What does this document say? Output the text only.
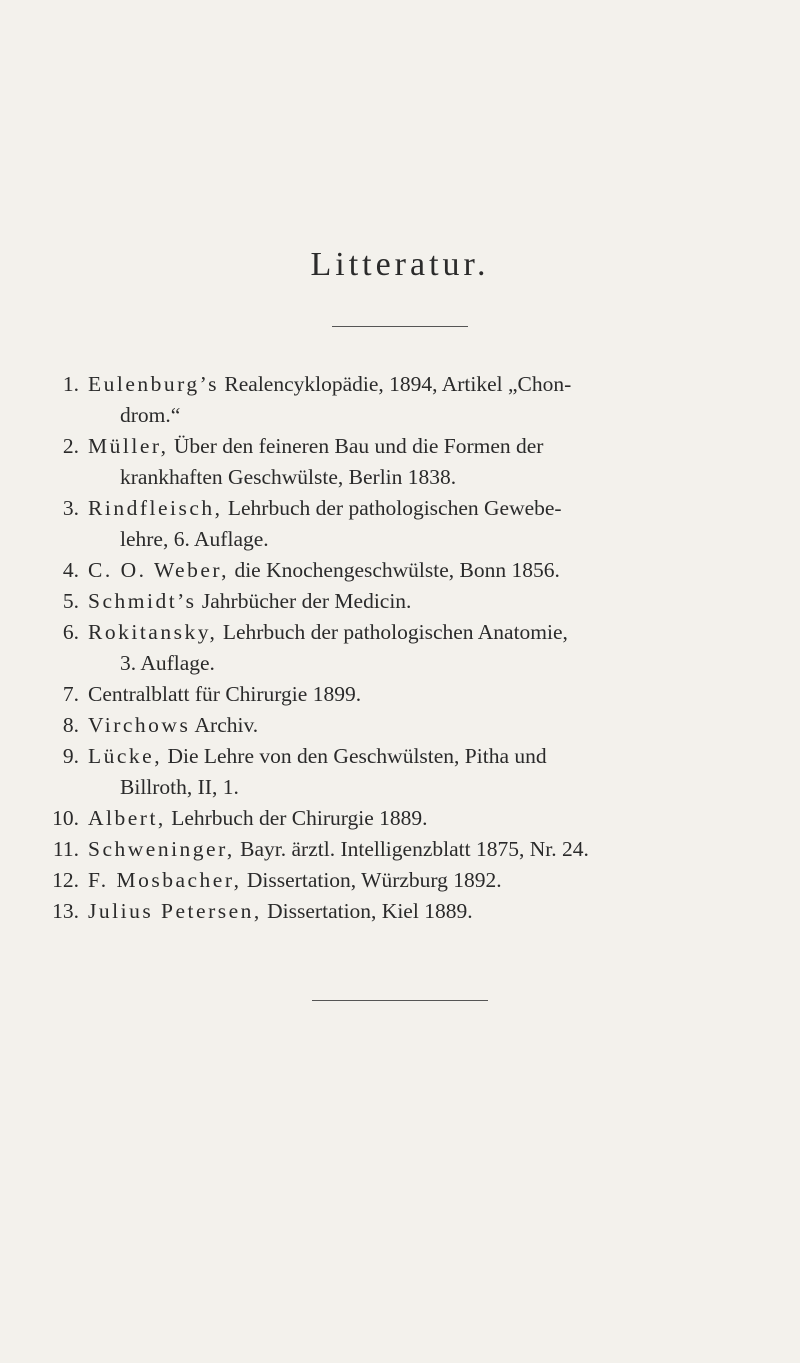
Litteratur.
1. Eulenburg’s Realencyklopädie, 1894, Artikel „Chon-
drom.“
2. Müller, Über den feineren Bau und die Formen der
krankhaften Geschwülste, Berlin 1838.
3. Rindfleisch, Lehrbuch der pathologischen Gewebe-
lehre, 6. Auflage.
4. C. O. Weber, die Knochengeschwülste, Bonn 1856.
5. Schmidt’s Jahrbücher der Medicin.
6. Rokitansky, Lehrbuch der pathologischen Anatomie,
3. Auflage.
7. Centralblatt für Chirurgie 1899.
8. Virchows Archiv.
9. Lücke, Die Lehre von den Geschwülsten, Pitha und
Billroth, II, 1.
10. Albert, Lehrbuch der Chirurgie 1889.
11. Schweninger, Bayr. ärztl. Intelligenzblatt 1875, Nr. 24.
12. F. Mosbacher, Dissertation, Würzburg 1892.
13. Julius Petersen, Dissertation, Kiel 1889.
